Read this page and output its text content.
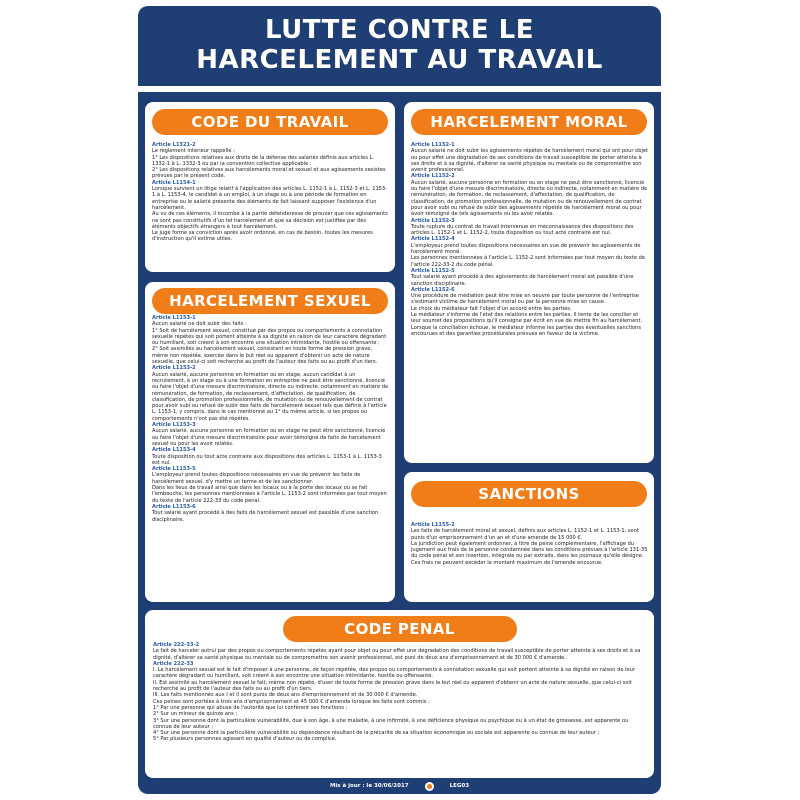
LUTTE CONTRE LE
HARCELEMENT AU TRAVAIL
CODE DU TRAVAIL
Article L1321-2
Le règlement intérieur rappelle :
1° Les dispositions relatives aux droits de la défense des salariés définis aux articles L. 1332-1 à L. 1332-3 ou par la convention collective applicable ;
2° Les dispositions relatives aux harcèlements moral et sexuel et aux agissements sexistes prévues par le présent code.
Article L1154-1
Lorsque survient un litige relatif à l'application des articles L. 1152-1 à L. 1152-3 et L. 1153-1 à L. 1153-4, le candidat à un emploi, à un stage ou à une période de formation en entreprise ou le salarié présente des éléments de fait laissant supposer l'existence d'un harcèlement.
Au vu de ces éléments, il incombe à la partie défenderesse de prouver que ces agissements ne sont pas constitutifs d'un tel harcèlement et que sa décision est justifiée par des éléments objectifs étrangers à tout harcèlement.
Le juge forme sa conviction après avoir ordonné, en cas de besoin, toutes les mesures d'instruction qu'il estime utiles.
HARCELEMENT SEXUEL
Article L1153-1
Aucun salarié ne doit subir des faits :
1° Soit de harcèlement sexuel, constitué par des propos ou comportements à connotation sexuelle répétés qui soit portent atteinte à sa dignité en raison de leur caractère dégradant ou humiliant, soit créent à son encontre une situation intimidante, hostile ou offensante ;
2° Soit assimilés au harcèlement sexuel, consistant en toute forme de pression grave, même non répétée, exercée dans le but réel ou apparent d'obtenir un acte de nature sexuelle, que celui-ci soit recherché au profit de l'auteur des faits ou au profit d'un tiers.
Article L1153-2
Aucun salarié, aucune personne en formation ou en stage, aucun candidat à un recrutement, à un stage ou à une formation en entreprise ne peut être sanctionné, licencié ou faire l'objet d'une mesure discriminatoire, directe ou indirecte, notamment en matière de rémunération, de formation, de reclassement, d'affectation, de qualification, de classification, de promotion professionnelle, de mutation ou de renouvellement de contrat pour avoir subi ou refusé de subir des faits de harcèlement sexuel tels que définis à l'article L. 1153-1, y compris, dans le cas mentionné au 1° du même article, si les propos ou comportements n'ont pas été répétés.
Article L1153-3
Aucun salarié, aucune personne en formation ou en stage ne peut être sanctionné, licencié ou faire l'objet d'une mesure discriminatoire pour avoir témoigné de faits de harcèlement sexuel ou pour les avoir relatés.
Article L1153-4
Toute disposition ou tout acte contraire aux dispositions des articles L. 1153-1 à L. 1153-3 est nul.
Article L1153-5
L'employeur prend toutes dispositions nécessaires en vue de prévenir les faits de harcèlement sexuel, d'y mettre un terme et de les sanctionner.
Dans les lieux de travail ainsi que dans les locaux ou à la porte des locaux où se fait l'embauche, les personnes mentionnées à l'article L. 1153-2 sont informées par tout moyen du texte de l'article 222-33 du code pénal.
Article L1153-6
Tout salarié ayant procédé à des faits de harcèlement sexuel est passible d'une sanction disciplinaire.
HARCELEMENT MORAL
Article L1152-1
Aucun salarié ne doit subir les agissements répétés de harcèlement moral qui ont pour objet ou pour effet une dégradation de ses conditions de travail susceptible de porter atteinte à ses droits et à sa dignité, d'altérer sa santé physique ou mentale ou de compromettre son avenir professionnel.
Article L1152-2
Aucun salarié, aucune personne en formation ou en stage ne peut être sanctionné, licencié ou faire l'objet d'une mesure discriminatoire, directe ou indirecte, notamment en matière de rémunération, de formation, de reclassement, d'affectation, de qualification, de classification, de promotion professionnelle, de mutation ou de renouvellement de contrat pour avoir subi ou refusé de subir des agissements répétés de harcèlement moral ou pour avoir témoigné de tels agissements ou les avoir relatés.
Article L1152-3
Toute rupture du contrat de travail intervenue en méconnaissance des dispositions des articles L. 1152-1 et L. 1152-2, toute disposition ou tout acte contraire est nul.
Article L1152-4
L'employeur prend toutes dispositions nécessaires en vue de prévenir les agissements de harcèlement moral.
Les personnes mentionnées à l'article L. 1152-2 sont informées par tout moyen du texte de l'article 222-33-2 du code pénal.
Article L1152-5
Tout salarié ayant procédé à des agissements de harcèlement moral est passible d'une sanction disciplinaire.
Article L1152-6
Une procédure de médiation peut être mise en oeuvre par toute personne de l'entreprise s'estimant victime de harcèlement moral ou par la personne mise en cause.
Le choix du médiateur fait l'objet d'un accord entre les parties.
Le médiateur s'informe de l'état des relations entre les parties. Il tente de les concilier et leur soumet des propositions qu'il consigne par écrit en vue de mettre fin au harcèlement.
Lorsque la conciliation échoue, le médiateur informe les parties des éventuelles sanctions encourues et des garanties procédurales prévues en faveur de la victime.
SANCTIONS
Article L1155-2
Les faits de harcèlement moral et sexuel, définis aux articles L. 1152-1 et L. 1153-1, sont punis d'un emprisonnement d'un an et d'une amende de 15 000 €.
La juridiction peut également ordonner, à titre de peine complémentaire, l'affichage du jugement aux frais de la personne condamnée dans les conditions prévues à l'article 131-35 du code pénal et son insertion, intégrale ou par extraits, dans les journaux qu'elle désigne. Ces frais ne peuvent excéder le montant maximum de l'amende encourue.
CODE PENAL
Article 222-33-2
Le fait de harceler autrui par des propos ou comportements répétés ayant pour objet ou pour effet une dégradation des conditions de travail susceptible de porter atteinte à ses droits et à sa dignité, d'altérer sa santé physique ou mentale ou de compromettre son avenir professionnel, est puni de deux ans d'emprisonnement et de 30 000 € d'amende.
Article 222-33
I. Le harcèlement sexuel est le fait d'imposer à une personne, de façon répétée, des propos ou comportements à connotation sexuelle qui soit portent atteinte à sa dignité en raison de leur caractère dégradant ou humiliant, soit créent à son encontre une situation intimidante, hostile ou offensante.
II. Est assimilé au harcèlement sexuel le fait, même non répété, d'user de toute forme de pression grave dans le but réel ou apparent d'obtenir un acte de nature sexuelle, que celui-ci soit recherché au profit de l'auteur des faits ou au profit d'un tiers.
III. Les faits mentionnés aux I et II sont punis de deux ans d'emprisonnement et de 30 000 € d'amende.
Ces peines sont portées à trois ans d'emprisonnement et 45 000 € d'amende lorsque les faits sont commis :
1° Par une personne qui abuse de l'autorité que lui confèrent ses fonctions ;
2° Sur un mineur de quinze ans ;
3° Sur une personne dont la particulière vulnérabilité, due à son âge, à une maladie, à une infirmité, à une déficience physique ou psychique ou à un état de grossesse, est apparente ou connue de leur auteur ;
4° Sur une personne dont la particulière vulnérabilité ou dépendance résultant de la précarité de sa situation économique ou sociale est apparente ou connue de leur auteur ;
5° Par plusieurs personnes agissant en qualité d'auteur ou de complice.
Mis à jour : le 30/06/2017	LEG03
